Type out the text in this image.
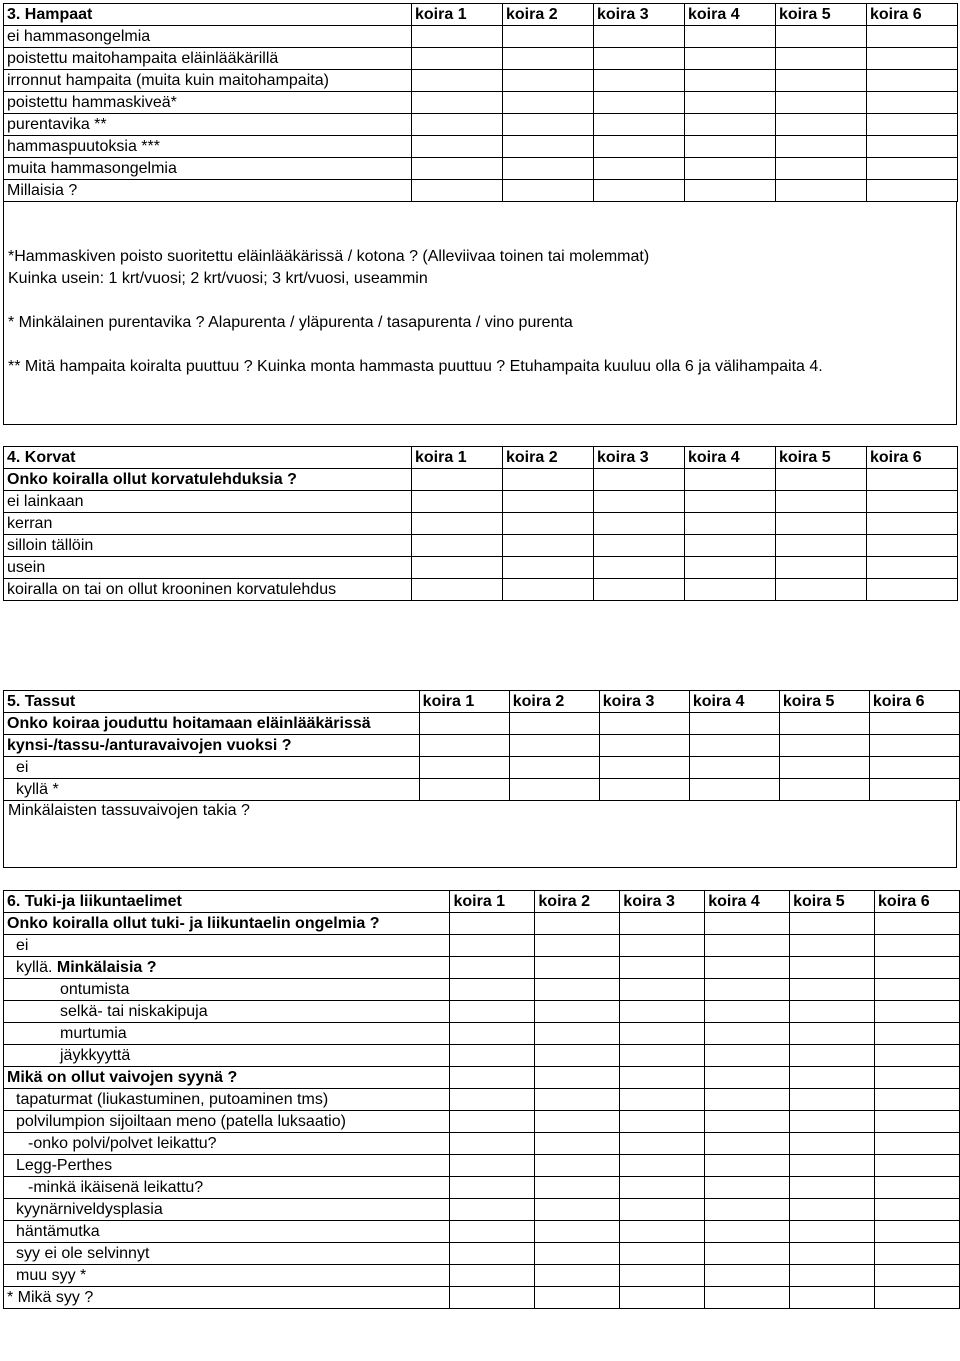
3. Hampaat	koira 1	koira 2	koira 3	koira 4	koira 5	koira 6
ei hammasongelmia						
poistettu maitohampaita eläinlääkärillä						
irronnut hampaita (muita kuin maitohampaita)						
poistettu hammaskiveä*						
purentavika **						
hammaspuutoksia ***						
muita hammasongelmia						
Millaisia ?						

*Hammaskiven poisto suoritettu eläinlääkärissä / kotona ? (Alleviivaa toinen tai molemmat)

Kuinka usein: 1 krt/vuosi; 2 krt/vuosi; 3 krt/vuosi, useammin

* Minkälainen purentavika ? Alapurenta / yläpurenta / tasapurenta / vino purenta

** Mitä hampaita koiralta puuttuu ? Kuinka monta hammasta puuttuu ? Etuhampaita kuuluu olla 6 ja välihampaita 4.

4. Korvat	koira 1	koira 2	koira 3	koira 4	koira 5	koira 6
Onko koiralla ollut korvatulehduksia ?						
ei lainkaan						
kerran						
silloin tällöin						
usein						
koiralla on tai on ollut krooninen korvatulehdus						
5. Tassut	koira 1	koira 2	koira 3	koira 4	koira 5	koira 6
Onko koiraa jouduttu hoitamaan eläinlääkärissä						
kynsi-/tassu-/anturavaivojen vuoksi ?						
ei						
kyllä *						

Minkälaisten tassuvaivojen takia ?

6. Tuki-ja liikuntaelimet	koira 1	koira 2	koira 3	koira 4	koira 5	koira 6
Onko koiralla ollut tuki- ja liikuntaelin ongelmia ?						
ei						
kyllä. Minkälaisia ?						
ontumista						
selkä- tai niskakipuja						
murtumia						
jäykkyyttä						
Mikä on ollut vaivojen syynä ?						
tapaturmat (liukastuminen, putoaminen tms)						
polvilumpion sijoiltaan meno (patella luksaatio)						
-onko polvi/polvet leikattu?						
Legg-Perthes						
-minkä ikäisenä leikattu?						
kyynärniveldysplasia						
häntämutka						
syy ei ole selvinnyt						
muu syy *						
* Mikä syy ?						
